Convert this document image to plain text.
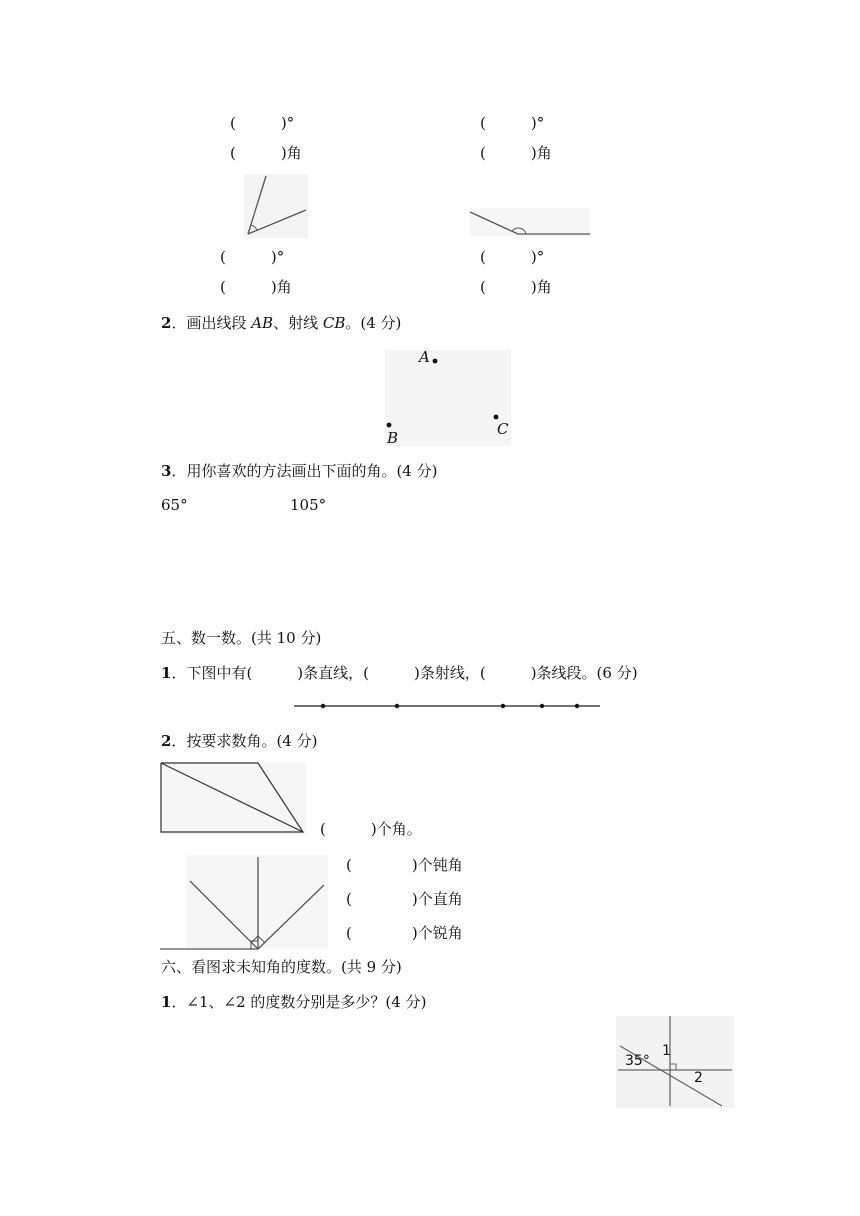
(　　　)°	(　　　)°
(　　　)角	(　　　)角
(　　　)°	(　　　)°
(　　　)角	(　　　)角
2．画出线段 AB、射线 CB。(4 分)
A
B	C
3．用你喜欢的方法画出下面的角。(4 分)
65°	105°
五、数一数。(共 10 分)
1．下图中有(　　　)条直线，(　　　)条射线，(　　　)条线段。(6 分)
2．按要求数角。(4 分)
(　　　)个角。
(　　　　)个钝角
(　　　　)个直角
(　　　　)个锐角
六、看图求未知角的度数。(共 9 分)
1．∠1、∠2 的度数分别是多少？(4 分)
35°
1
2
